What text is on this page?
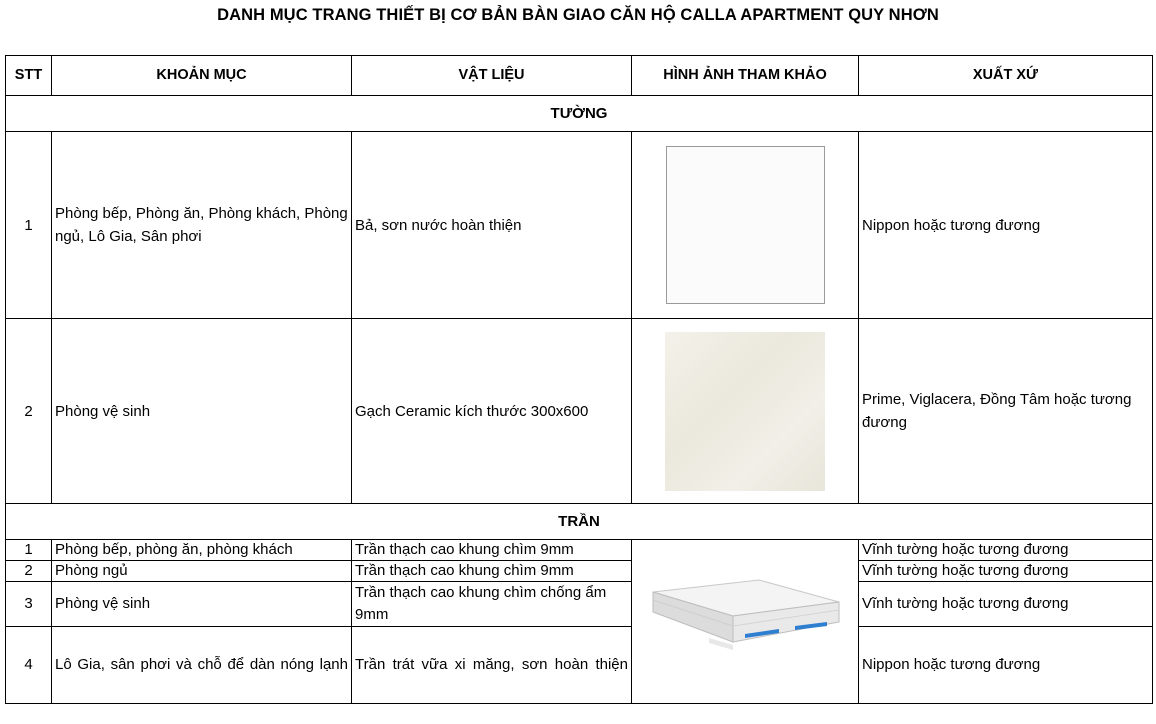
DANH MỤC TRANG THIẾT BỊ CƠ BẢN BÀN GIAO CĂN HỘ CALLA APARTMENT QUY NHƠN
STT	KHOẢN MỤC	VẬT LIỆU	HÌNH ẢNH THAM KHẢO	XUẤT XỨ
TƯỜNG				
1	Phòng bếp, Phòng ăn, Phòng khách, Phòng ngủ, Lô Gia, Sân phơi	Bả, sơn nước hoàn thiện		Nippon hoặc tương đương
2	Phòng vệ sinh	Gạch Ceramic kích thước 300x600		Prime, Viglacera, Đồng Tâm hoặc tương đương
TRẦN				
1	Phòng bếp, phòng ăn, phòng khách	Trần thạch cao khung chìm 9mm		Vĩnh tường hoặc tương đương
2	Phòng ngủ	Trần thạch cao khung chìm 9mm		Vĩnh tường hoặc tương đương
3	Phòng vệ sinh	Trần thạch cao khung chìm chống ẩm 9mm		Vĩnh tường hoặc tương đương
4	Lô Gia, sân phơi và chỗ để dàn nóng lạnh	Trần trát vữa xi măng, sơn hoàn thiện		Nippon hoặc tương đương
